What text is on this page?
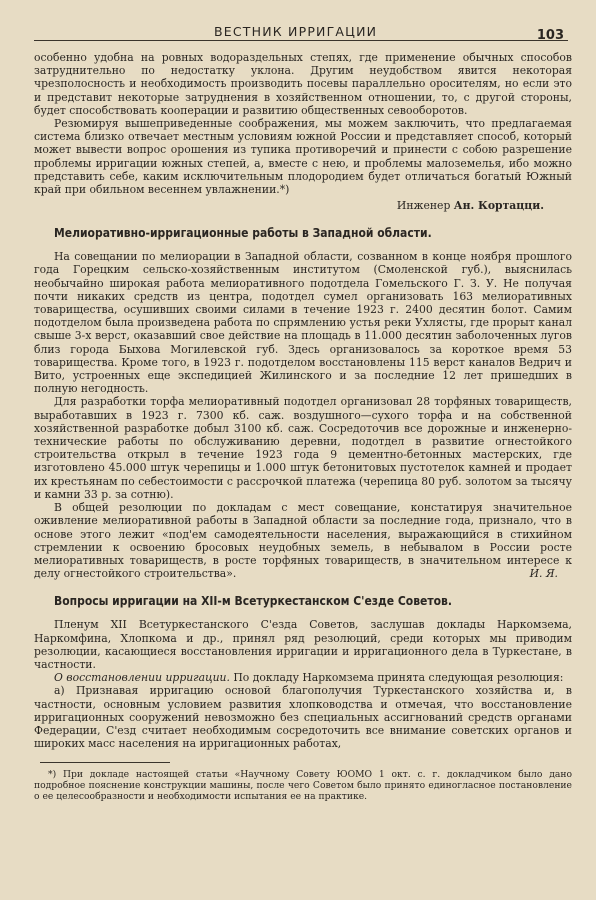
ВЕСТНИК ИРРИГАЦИИ	103

особенно удобна на ровных водораздельных степях, где применение обычных способов затруднительно по недостатку уклона. Другим неудобством явится некоторая чрезполосность и необходимость производить посевы параллельно оросителям, но если это и представит некоторые затруднения в хозяйственном отношении, то, с другой стороны, будет способствовать кооперации и развитию общественных севооборотов.

Резюмируя вышеприведенные соображения, мы можем заключить, что предлагаемая система близко отвечает местным условиям южной России и представляет способ, который может вывести вопрос орошения из тупика противоречий и принести с собою разрешение проблемы ирригации южных степей, а, вместе с нею, и проблемы малоземелья, ибо можно представить себе, каким исключительным плодородием будет отличаться богатый Южный край при обильном весеннем увлажнении.*)

Инженер Ан. Кортацци.
Мелиоративно-ирригационные работы в Западной области.

На совещании по мелиорации в Западной области, созванном в конце ноября прошлого года Горецким сельско-хозяйственным институтом (Смоленской губ.), выяснилась необычайно широкая работа мелиоративного подотдела Гомельского Г. З. У. Не получая почти никаких средств из центра, подотдел сумел организовать 163 мелиоративных товарищества, осушивших своими силами в течение 1923 г. 2400 десятин болот. Самим подотделом была произведена работа по спрямлению устья реки Ухлясты, где прорыт канал свыше 3-х верст, оказавший свое действие на площадь в 11.000 десятин заболоченных лугов близ города Быхова Могилевской губ. Здесь организовалось за короткое время 53 товарищества. Кроме того, в 1923 г. подотделом восстановлены 115 верст каналов Ведрич и Вито, устроенных еще экспедицией Жилинского и за последние 12 лет пришедших в полную негодность.

Для разработки торфа мелиоративный подотдел организовал 28 торфяных товариществ, выработавших в 1923 г. 7300 кб. саж. воздушного—сухого торфа и на собственной хозяйственной разработке добыл 3100 кб. саж. Сосредоточив все дорожные и инженерно-технические работы по обслуживанию деревни, подотдел в развитие огнестойкого строительства открыл в течение 1923 года 9 цементно-бетонных мастерских, где изготовлено 45.000 штук черепицы и 1.000 штук бетонитовых пустотелок камней и продает их крестьянам по себестоимости с рассрочкой платежа (черепица 80 руб. золотом за тысячу и камни 33 р. за сотню).

В общей резолюции по докладам с мест совещание, констатируя значительное оживление мелиоративной работы в Западной области за последние года, признало, что в основе этого лежит «под'ем самодеятельности населения, выражающийся в стихийном стремлении к освоению бросовых неудобных земель, в небывалом в России росте мелиоративных товариществ, в росте торфяных товариществ, в значительном интересе к делу огнестойкого строительства».	И. Я.

Вопросы ирригации на XII-м Всетуркестанском С'езде Советов.

Пленум XII Всетуркестанского С'езда Советов, заслушав доклады Наркомзема, Наркомфина, Хлопкома и др., принял ряд резолюций, среди которых мы приводим резолюции, касающиеся восстановления ирригации и ирригационного дела в Туркестане, в частности.

О восстановлении ирригации. По докладу Наркомзема принята следующая резолюция:

а) Признавая ирригацию основой благополучия Туркестанского хозяйства и, в частности, основным условием развития хлопководства и отмечая, что восстановление ирригационных сооружений невозможно без специальных ассигнований средств органами Федерации, С'езд считает необходимым сосредоточить все внимание советских органов и широких масс населения на ирригационных работах,

*) При докладе настоящей статьи «Научному Совету ЮОМО 1 окт. с. г. докладчиком было дано подробное пояснение конструкции машины, после чего Советом было принято единогласное постановление о ее целесообразности и необходимости испытания ее на практике.
